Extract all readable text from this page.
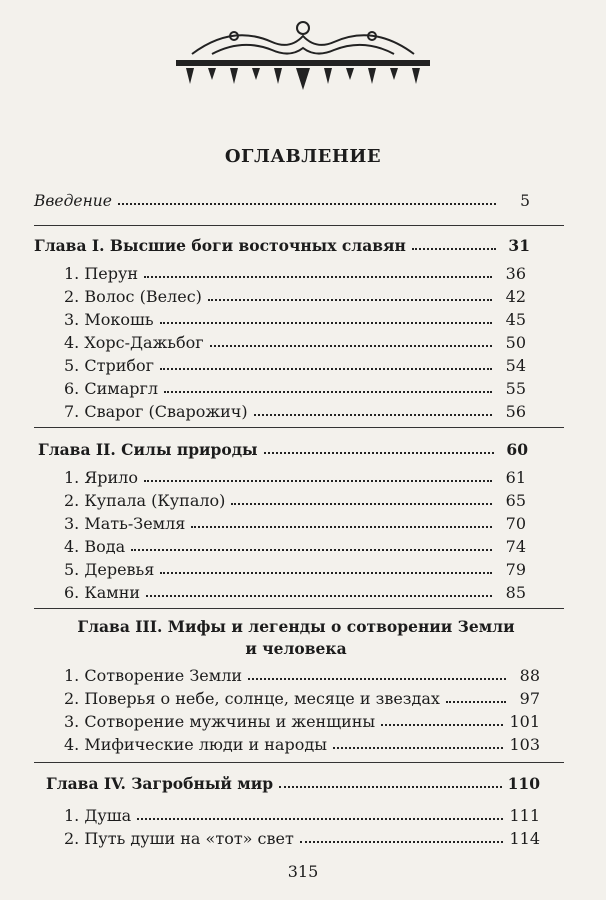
ОГЛАВЛЕНИЕ
Введение	5
Глава I. Высшие боги восточных славян	31
1. Перун	36
2. Волос (Велес)	42
3. Мокошь	45
4. Хорс-Дажьбог	50
5. Стрибог	54
6. Симаргл	55
7. Сварог (Сварожич)	56
Глава II. Силы природы	60
1. Ярило	61
2. Купала (Купало)	65
3. Мать-Земля	70
4. Вода	74
5. Деревья	79
6. Камни	85
Глава III. Мифы и легенды о сотворении Земли
и человека
1. Сотворение Земли	88
2. Поверья о небе, солнце, месяце и звездах	97
3. Сотворение мужчины и женщины	101
4. Мифические люди и народы	103
Глава IV. Загробный мир	110
1. Душа	111
2. Путь души на «тот» свет	114
315
